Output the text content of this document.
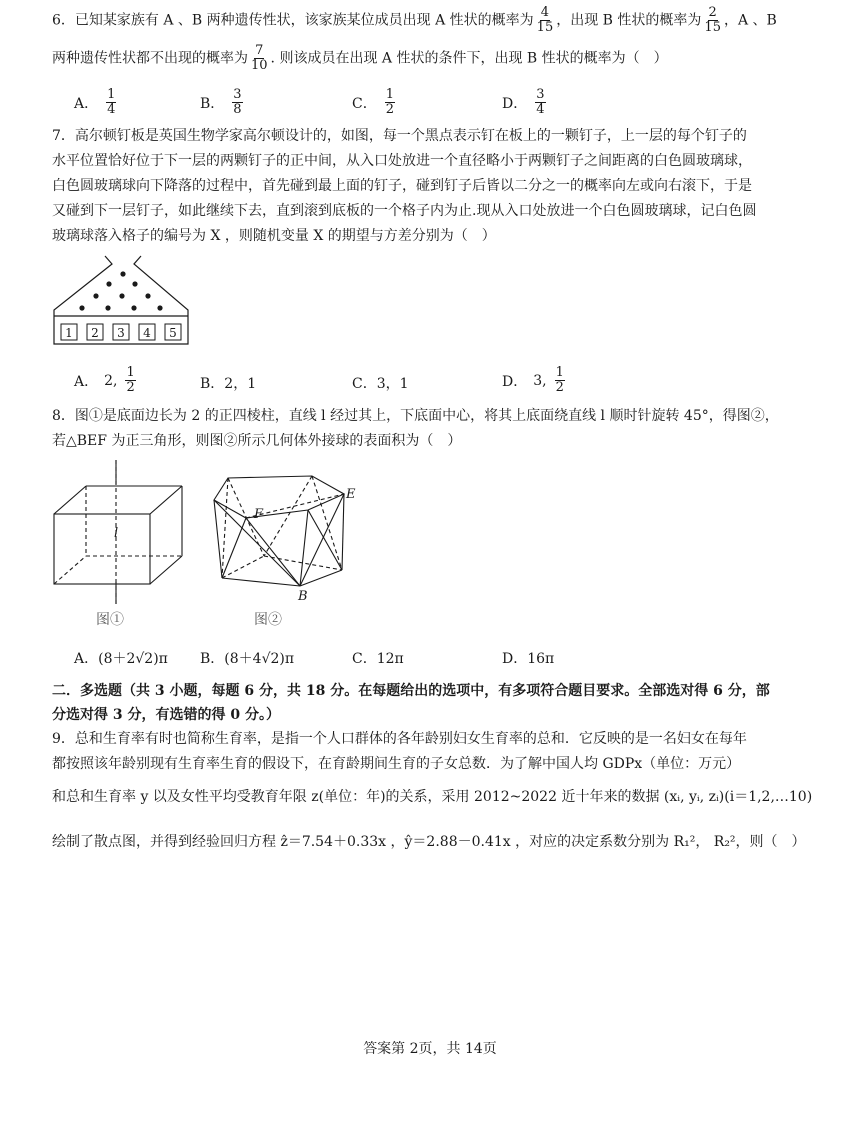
6．已知某家族有 A 、B 两种遗传性状，该家族某位成员出现 A 性状的概率为 $\frac{4}{15}$ ，出现 B 性状的概率为 $\frac{2}{15}$ ，A 、B
两种遗传性状都不出现的概率为 $\frac{7}{10}$ . 则该成员在出现 A 性状的条件下，出现 B 性状的概率为（　）
A． $\frac{1}{4}$	B． $\frac{3}{8}$	C． $\frac{1}{2}$	D． $\frac{3}{4}$
7．高尔顿钉板是英国生物学家高尔顿设计的，如图，每一个黑点表示钉在板上的一颗钉子，上一层的每个钉子的
水平位置恰好位于下一层的两颗钉子的正中间，从入口处放进一个直径略小于两颗钉子之间距离的白色圆玻璃球，
白色圆玻璃球向下降落的过程中，首先碰到最上面的钉子，碰到钉子后皆以二分之一的概率向左或向右滚下，于是
又碰到下一层钉子，如此继续下去，直到滚到底板的一个格子内为止.现从入口处放进一个白色圆玻璃球，记白色圆
玻璃球落入格子的编号为 X ，则随机变量 X 的期望与方差分别为（　）
1 2 3 4 5
A． 2, $\frac{1}{2}$	B．2，1	C．3，1	D． 3, $\frac{1}{2}$
8．图①是底面边长为 2 的正四棱柱，直线 l 经过其上，下底面中心，将其上底面绕直线 l 顺时针旋转 45°，得图②，
若△BEF 为正三角形，则图②所示几何体外接球的表面积为（　）
l
图①
F
E
B
图②
A．(8＋2√2)π B．(8＋4√2)π	C．12π	D．16π
二．多选题（共 3 小题，每题 6 分，共 18 分。在每题给出的选项中，有多项符合题目要求。全部选对得 6 分，部
分选对得 3 分，有选错的得 0 分。）
9．总和生育率有时也简称生育率，是指一个人口群体的各年龄别妇女生育率的总和．它反映的是一名妇女在每年
都按照该年龄别现有生育率生育的假设下，在育龄期间生育的子女总数．为了解中国人均 GDPx（单位：万元）
和总和生育率 y 以及女性平均受教育年限 z(单位：年)的关系，采用 2012~2022 近十年来的数据 (xᵢ, yᵢ, zᵢ)(i＝1,2,…10)
绘制了散点图，并得到经验回归方程 ẑ＝7.54＋0.33x ，ŷ＝2.88－0.41x ，对应的决定系数分别为 R₁²， R₂²，则（　）
答案第 2页，共 14页
